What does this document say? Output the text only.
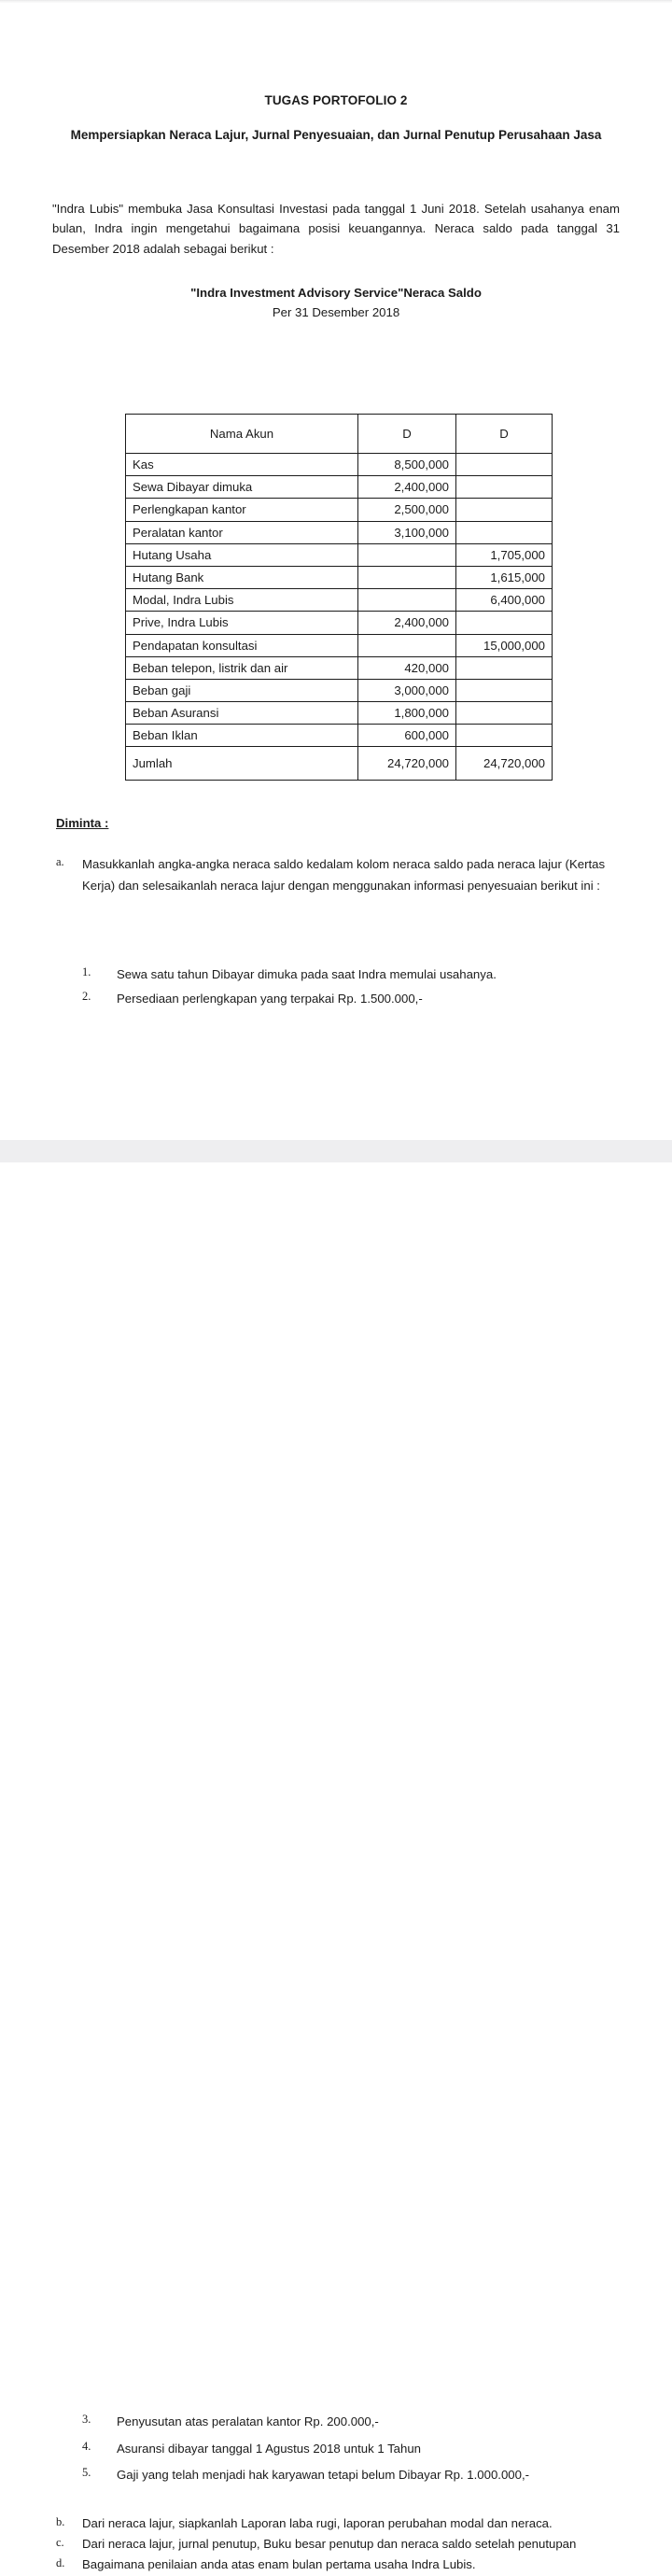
TUGAS PORTOFOLIO 2
Mempersiapkan Neraca Lajur, Jurnal Penyesuaian, dan Jurnal Penutup Perusahaan Jasa

"Indra Lubis" membuka Jasa Konsultasi Investasi pada tanggal 1 Juni 2018. Setelah usahanya enam bulan, Indra ingin mengetahui bagaimana posisi keuangannya. Neraca saldo pada tanggal 31 Desember 2018 adalah sebagai berikut :

"Indra Investment Advisory Service"Neraca Saldo
Per 31 Desember 2018
Nama Akun	D	D
Kas	8,500,000	
Sewa Dibayar dimuka	2,400,000	
Perlengkapan kantor	2,500,000	
Peralatan kantor	3,100,000	
Hutang Usaha		1,705,000
Hutang Bank		1,615,000
Modal, Indra Lubis		6,400,000
Prive, Indra Lubis	2,400,000	
Pendapatan konsultasi		15,000,000
Beban telepon, listrik dan air	420,000	
Beban gaji	3,000,000	
Beban Asuransi	1,800,000	
Beban Iklan	600,000	
Jumlah	24,720,000	24,720,000
Diminta :
a.	Masukkanlah angka-angka neraca saldo kedalam kolom neraca saldo pada neraca lajur (Kertas Kerja) dan selesaikanlah neraca lajur dengan menggunakan informasi penyesuaian berikut ini :
1.	Sewa satu tahun Dibayar dimuka pada saat Indra memulai usahanya.
2.	Persediaan perlengkapan yang terpakai Rp. 1.500.000,-
3.	Penyusutan atas peralatan kantor Rp. 200.000,-
4.	Asuransi dibayar tanggal 1 Agustus 2018 untuk 1 Tahun
5.	Gaji yang telah menjadi hak karyawan tetapi belum Dibayar Rp. 1.000.000,-
b.	Dari neraca lajur, siapkanlah Laporan laba rugi, laporan perubahan modal dan neraca.
c.	Dari neraca lajur, jurnal penutup, Buku besar penutup dan neraca saldo setelah penutupan
d.	Bagaimana penilaian anda atas enam bulan pertama usaha Indra Lubis.
